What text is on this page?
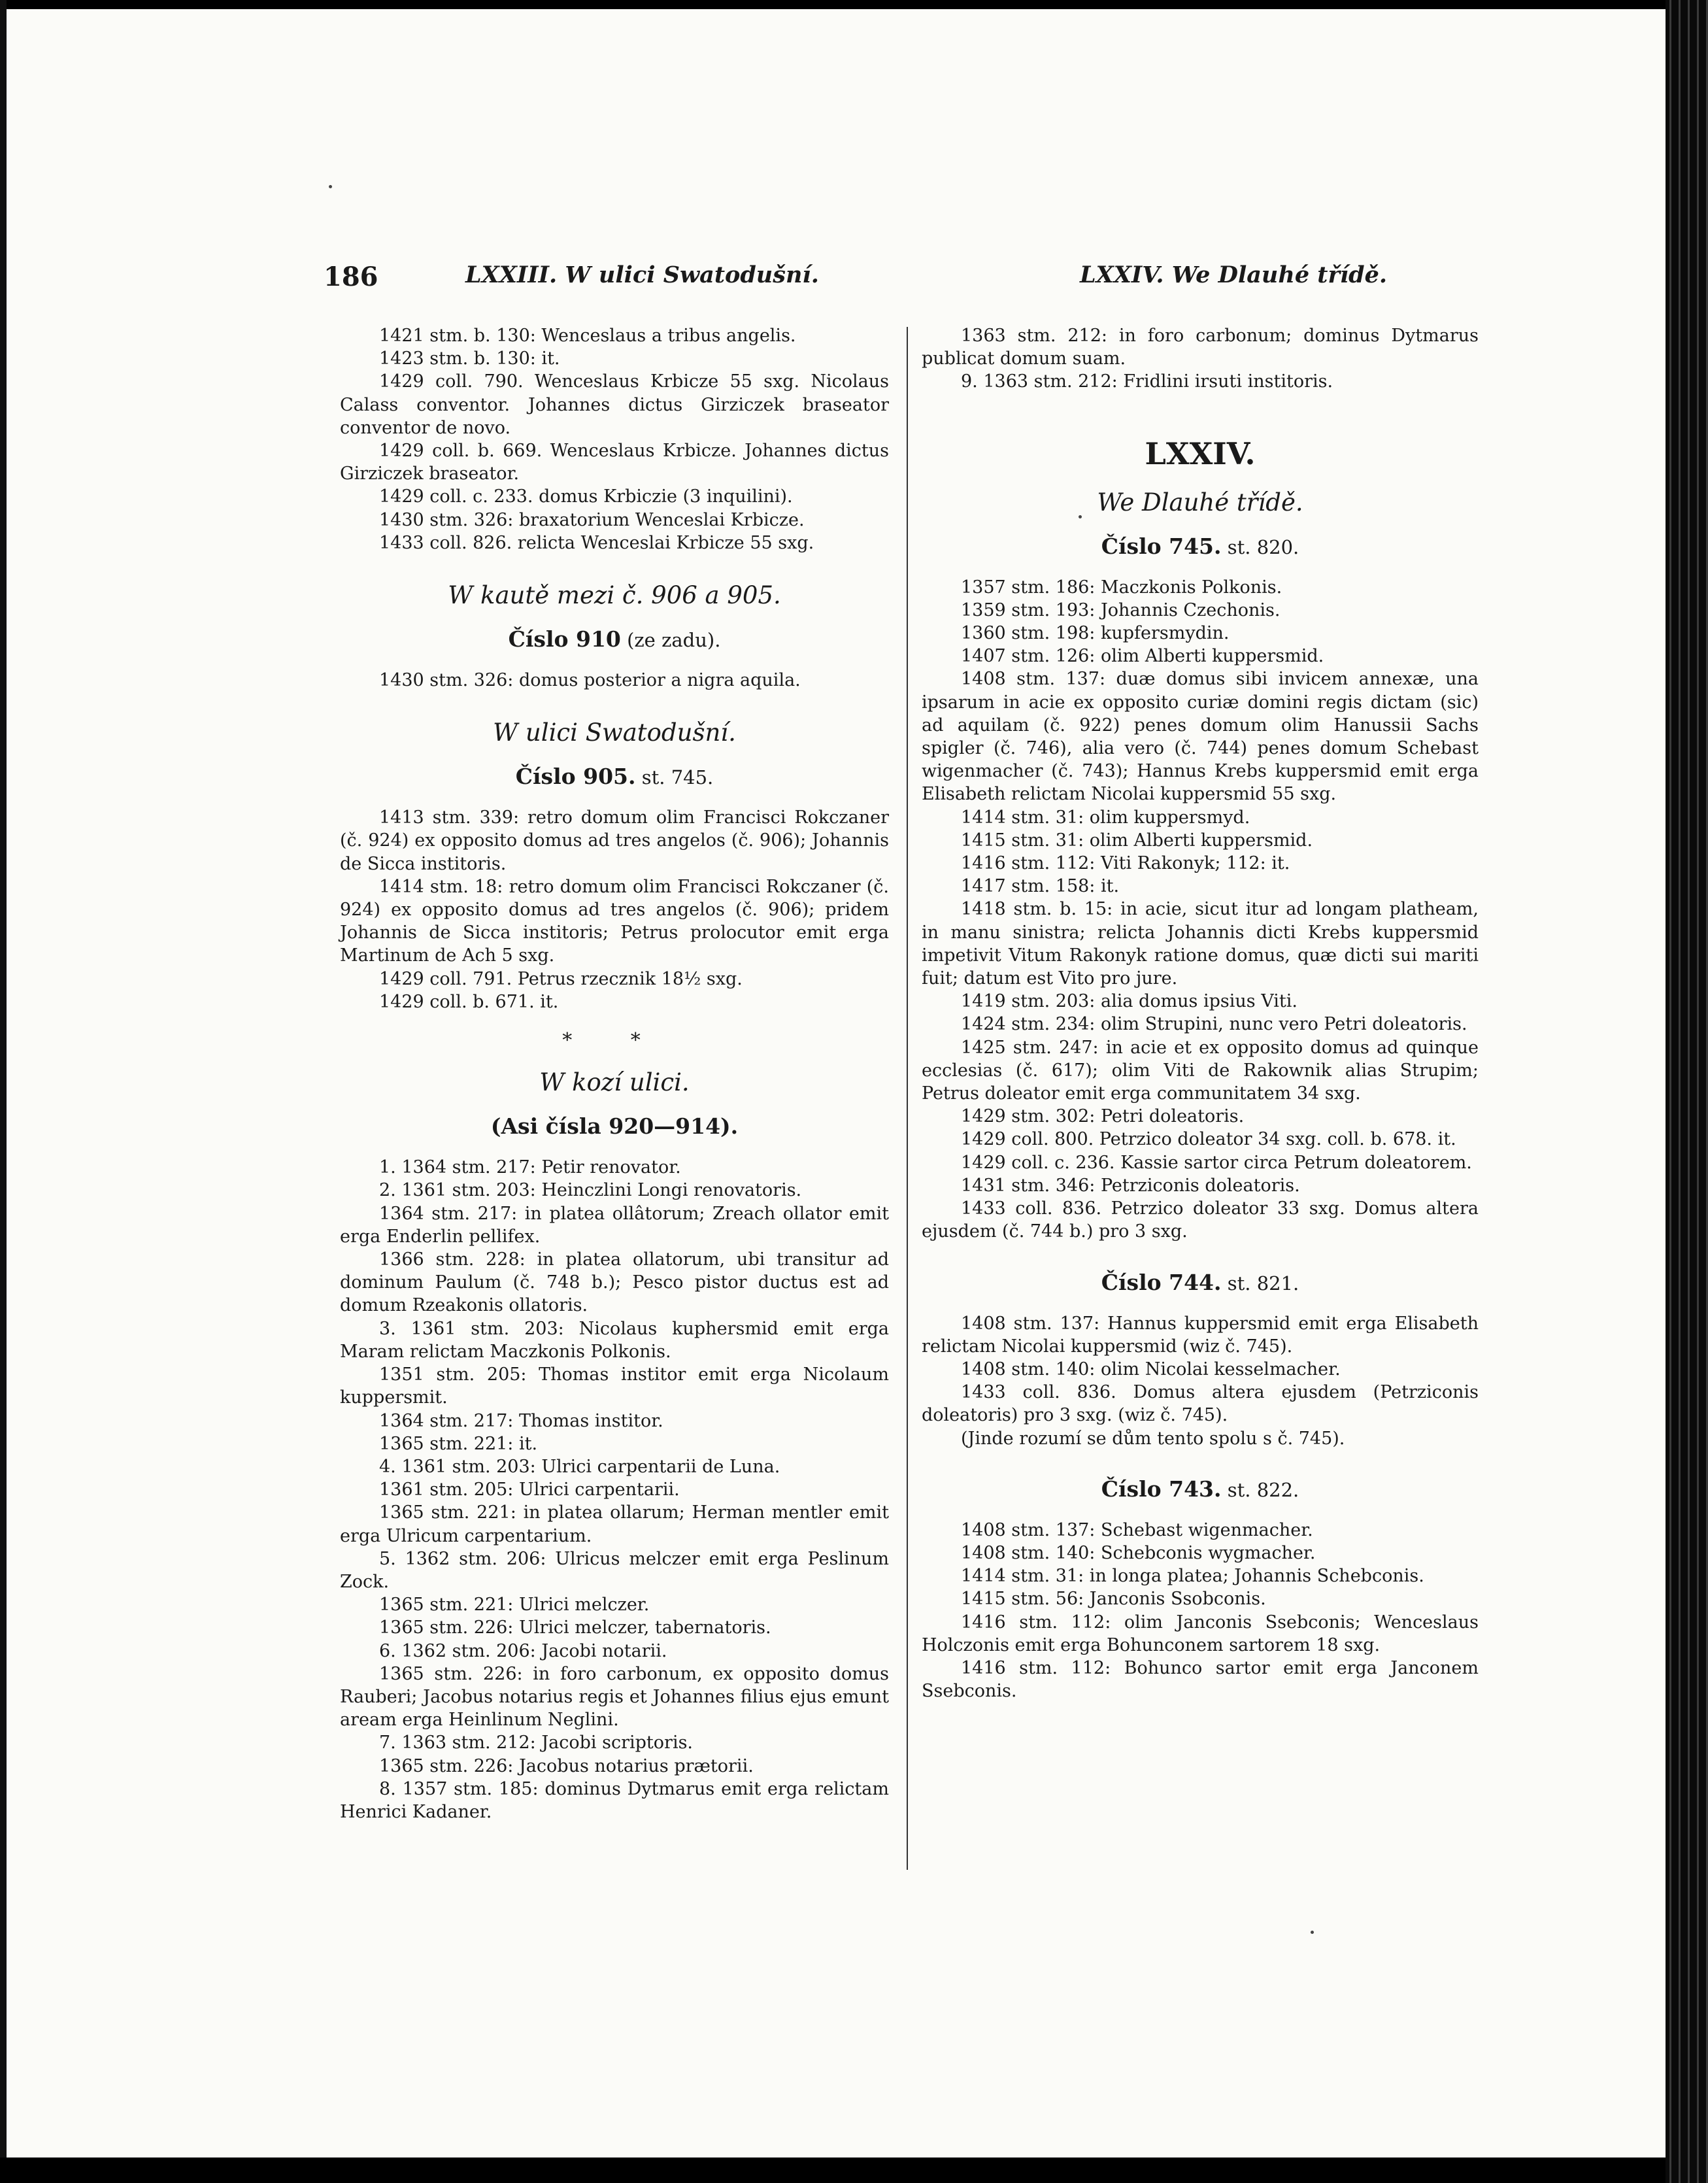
186	LXXIII. W ulici Swatodušní.	LXXIV. We Dlauhé třídě.

1421 stm. b. 130: Wenceslaus a tribus angelis.

1423 stm. b. 130: it.

1429 coll. 790. Wenceslaus Krbicze 55 sxg. Nicolaus Calass conventor. Johannes dictus Girziczek braseator conventor de novo.

1429 coll. b. 669. Wenceslaus Krbicze. Johannes dictus Girziczek braseator.

1429 coll. c. 233. domus Krbiczie (3 inquilini).

1430 stm. 326: braxatorium Wenceslai Krbicze.

1433 coll. 826. relicta Wenceslai Krbicze 55 sxg.

W kautě mezi č. 906 a 905.

Číslo 910 (ze zadu).

1430 stm. 326: domus posterior a nigra aquila.

W ulici Swatodušní.

Číslo 905. st. 745.

1413 stm. 339: retro domum olim Francisci Rokczaner (č. 924) ex opposito domus ad tres angelos (č. 906); Johannis de Sicca institoris.

1414 stm. 18: retro domum olim Francisci Rokczaner (č. 924) ex opposito domus ad tres angelos (č. 906); pridem Johannis de Sicca institoris; Petrus prolocutor emit erga Martinum de Ach 5 sxg.

1429 coll. 791. Petrus rzecznik 18½ sxg.

1429 coll. b. 671. it.

* *

W kozí ulici.

(Asi čísla 920—914).

1. 1364 stm. 217: Petir renovator.

2. 1361 stm. 203: Heinczlini Longi renovatoris.

1364 stm. 217: in platea ollâtorum; Zreach ollator emit erga Enderlin pellifex.

1366 stm. 228: in platea ollatorum, ubi transitur ad dominum Paulum (č. 748 b.); Pesco pistor ductus est ad domum Rzeakonis ollatoris.

3. 1361 stm. 203: Nicolaus kuphersmid emit erga Maram relictam Maczkonis Polkonis.

1351 stm. 205: Thomas institor emit erga Nicolaum kuppersmit.

1364 stm. 217: Thomas institor.

1365 stm. 221: it.

4. 1361 stm. 203: Ulrici carpentarii de Luna.

1361 stm. 205: Ulrici carpentarii.

1365 stm. 221: in platea ollarum; Herman mentler emit erga Ulricum carpentarium.

5. 1362 stm. 206: Ulricus melczer emit erga Peslinum Zock.

1365 stm. 221: Ulrici melczer.

1365 stm. 226: Ulrici melczer, tabernatoris.

6. 1362 stm. 206: Jacobi notarii.

1365 stm. 226: in foro carbonum, ex opposito domus Rauberi; Jacobus notarius regis et Johannes filius ejus emunt aream erga Heinlinum Neglini.

7. 1363 stm. 212: Jacobi scriptoris.

1365 stm. 226: Jacobus notarius prætorii.

8. 1357 stm. 185: dominus Dytmarus emit erga relictam Henrici Kadaner.

1363 stm. 212: in foro carbonum; dominus Dytmarus publicat domum suam.

9. 1363 stm. 212: Fridlini irsuti institoris.

LXXIV.

We Dlauhé třídě.

Číslo 745. st. 820.

1357 stm. 186: Maczkonis Polkonis.

1359 stm. 193: Johannis Czechonis.

1360 stm. 198: kupfersmydin.

1407 stm. 126: olim Alberti kuppersmid.

1408 stm. 137: duæ domus sibi invicem annexæ, una ipsarum in acie ex opposito curiæ domini regis dictam (sic) ad aquilam (č. 922) penes domum olim Hanussii Sachs spigler (č. 746), alia vero (č. 744) penes domum Schebast wigenmacher (č. 743); Hannus Krebs kuppersmid emit erga Elisabeth relictam Nicolai kuppersmid 55 sxg.

1414 stm. 31: olim kuppersmyd.

1415 stm. 31: olim Alberti kuppersmid.

1416 stm. 112: Viti Rakonyk; 112: it.

1417 stm. 158: it.

1418 stm. b. 15: in acie, sicut itur ad longam platheam, in manu sinistra; relicta Johannis dicti Krebs kuppersmid impetivit Vitum Rakonyk ratione domus, quæ dicti sui mariti fuit; datum est Vito pro jure.

1419 stm. 203: alia domus ipsius Viti.

1424 stm. 234: olim Strupini, nunc vero Petri doleatoris.

1425 stm. 247: in acie et ex opposito domus ad quinque ecclesias (č. 617); olim Viti de Rakownik alias Strupim; Petrus doleator emit erga communitatem 34 sxg.

1429 stm. 302: Petri doleatoris.

1429 coll. 800. Petrzico doleator 34 sxg. coll. b. 678. it.

1429 coll. c. 236. Kassie sartor circa Petrum doleatorem.

1431 stm. 346: Petrziconis doleatoris.

1433 coll. 836. Petrzico doleator 33 sxg. Domus altera ejusdem (č. 744 b.) pro 3 sxg.

Číslo 744. st. 821.

1408 stm. 137: Hannus kuppersmid emit erga Elisabeth relictam Nicolai kuppersmid (wiz č. 745).

1408 stm. 140: olim Nicolai kesselmacher.

1433 coll. 836. Domus altera ejusdem (Petrziconis doleatoris) pro 3 sxg. (wiz č. 745).

(Jinde rozumí se dům tento spolu s č. 745).

Číslo 743. st. 822.

1408 stm. 137: Schebast wigenmacher.

1408 stm. 140: Schebconis wygmacher.

1414 stm. 31: in longa platea; Johannis Schebconis.

1415 stm. 56: Janconis Ssobconis.

1416 stm. 112: olim Janconis Ssebconis; Wenceslaus Holczonis emit erga Bohunconem sartorem 18 sxg.

1416 stm. 112: Bohunco sartor emit erga Janconem Ssebconis.
